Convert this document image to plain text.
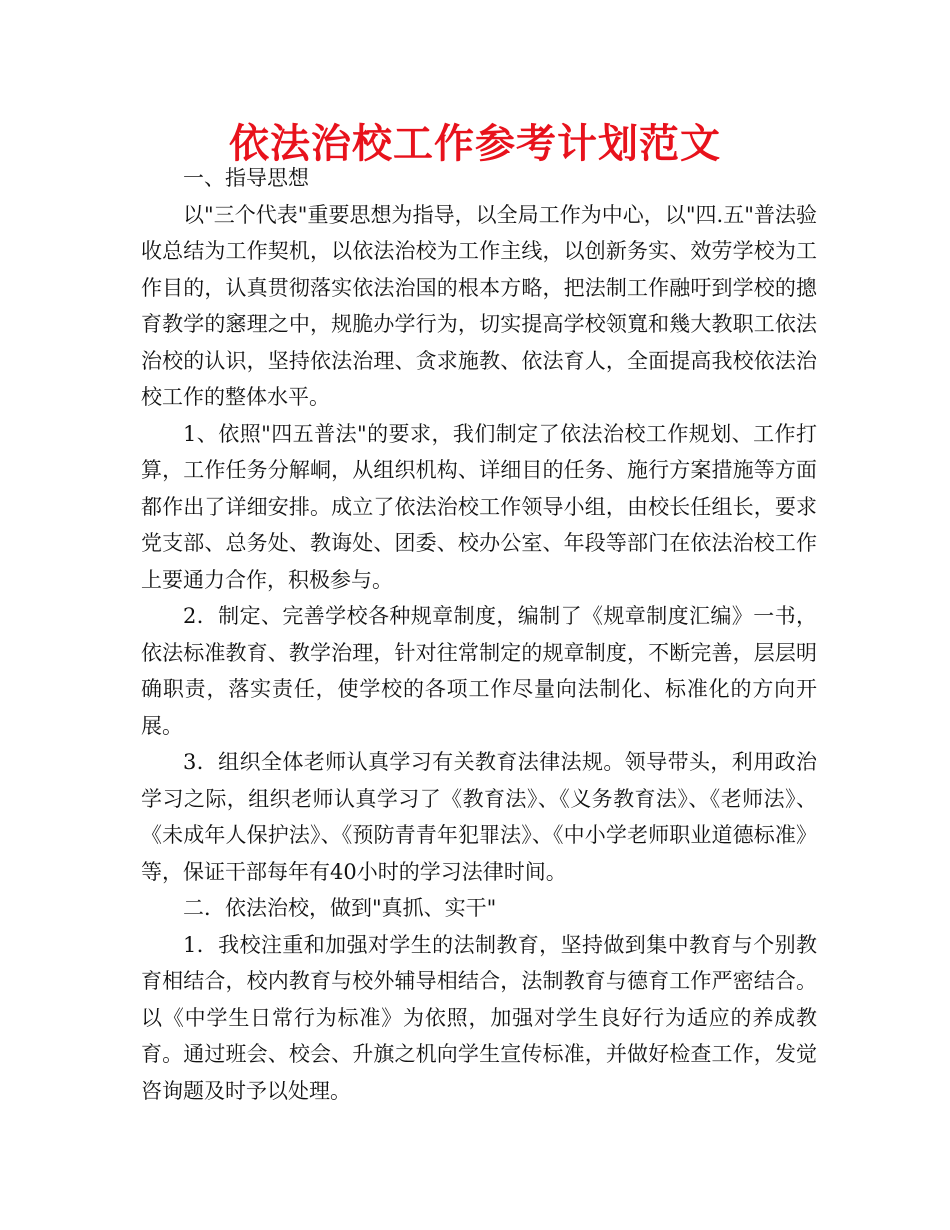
依法治校工作参考计划范文

一、指导思想

以"三个代表"重要思想为指导，以全局工作为中心，以"四.五"普法验收总结为工作契机，以依法治校为工作主线，以创新务实、效劳学校为工作目的，认真贯彻落实依法治国的根本方略，把法制工作融吁到学校的摠育教学的窸理之中，规脆办学行为，切实提高学校领寬和幾大教职工依法治校的认识，坚持依法治理、贪求施教、依法育人，全面提高我校依法治校工作的整体水平。

1、依照"四五普法"的要求，我们制定了依法治校工作规划、工作打算，工作任务分解峒，从组织机构、详细目的任务、施行方案措施等方面都作出了详细安排。成立了依法治校工作领导小组，由校长任组长，要求党支部、总务处、教诲处、团委、校办公室、年段等部门在依法治校工作上要通力合作，积极参与。

2．制定、完善学校各种规章制度，编制了《规章制度汇编》一书，依法标准教育、教学治理，针对往常制定的规章制度，不断完善，层层明确职责，落实责任，使学校的各项工作尽量向法制化、标准化的方向开展。

3．组织全体老师认真学习有关教育法律法规。领导带头，利用政治学习之际，组织老师认真学习了《教育法》、《义务教育法》、《老师法》、《未成年人保护法》、《预防青青年犯罪法》、《中小学老师职业道德标准》等，保证干部每年有40小时的学习法律时间。

二．依法治校，做到"真抓、实干"

1．我校注重和加强对学生的法制教育，坚持做到集中教育与个别教育相结合，校内教育与校外辅导相结合，法制教育与德育工作严密结合。以《中学生日常行为标准》为依照，加强对学生良好行为适应的养成教育。通过班会、校会、升旗之机向学生宣传标准，并做好检查工作，发觉咨询题及时予以处理。
